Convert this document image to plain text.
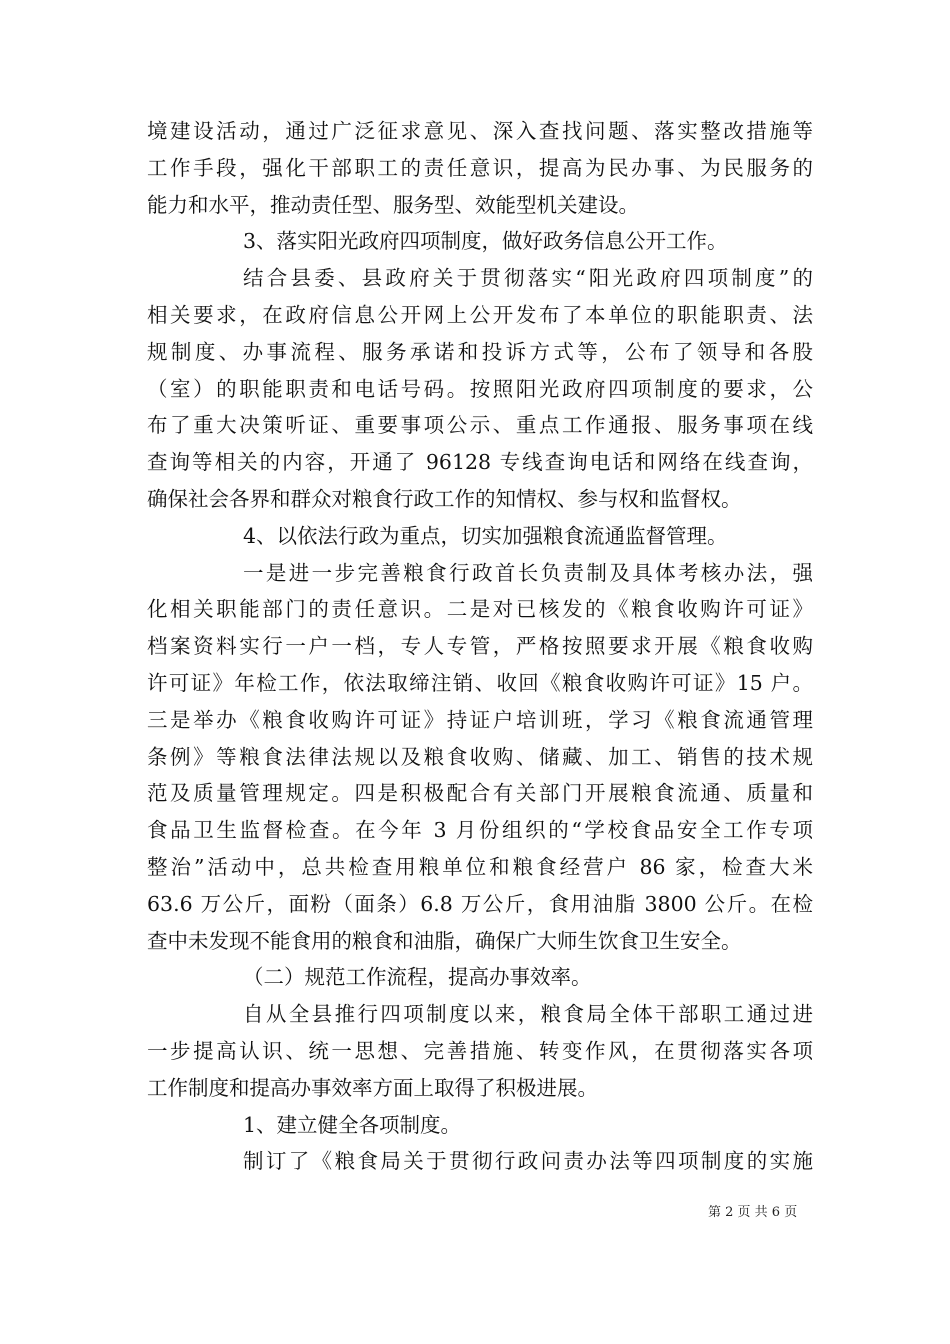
境建设活动，通过广泛征求意见、深入查找问题、落实整改措施等
工作手段，强化干部职工的责任意识，提高为民办事、为民服务的
能力和水平，推动责任型、服务型、效能型机关建设。
3、落实阳光政府四项制度，做好政务信息公开工作。
结合县委、县政府关于贯彻落实“阳光政府四项制度”的
相关要求，在政府信息公开网上公开发布了本单位的职能职责、法
规制度、办事流程、服务承诺和投诉方式等，公布了领导和各股
（室）的职能职责和电话号码。按照阳光政府四项制度的要求，公
布了重大决策听证、重要事项公示、重点工作通报、服务事项在线
查询等相关的内容，开通了 96128 专线查询电话和网络在线查询，
确保社会各界和群众对粮食行政工作的知情权、参与权和监督权。
4、以依法行政为重点，切实加强粮食流通监督管理。
一是进一步完善粮食行政首长负责制及具体考核办法，强
化相关职能部门的责任意识。二是对已核发的《粮食收购许可证》
档案资料实行一户一档，专人专管，严格按照要求开展《粮食收购
许可证》年检工作，依法取缔注销、收回《粮食收购许可证》15 户。
三是举办《粮食收购许可证》持证户培训班，学习《粮食流通管理
条例》等粮食法律法规以及粮食收购、储藏、加工、销售的技术规
范及质量管理规定。四是积极配合有关部门开展粮食流通、质量和
食品卫生监督检查。在今年 3 月份组织的“学校食品安全工作专项
整治”活动中，总共检查用粮单位和粮食经营户 86 家，检查大米
63.6 万公斤，面粉（面条）6.8 万公斤，食用油脂 3800 公斤。在检
查中未发现不能食用的粮食和油脂，确保广大师生饮食卫生安全。
（二）规范工作流程，提高办事效率。
自从全县推行四项制度以来，粮食局全体干部职工通过进
一步提高认识、统一思想、完善措施、转变作风，在贯彻落实各项
工作制度和提高办事效率方面上取得了积极进展。
1、建立健全各项制度。
制订了《粮食局关于贯彻行政问责办法等四项制度的实施
第 2 页 共 6 页
